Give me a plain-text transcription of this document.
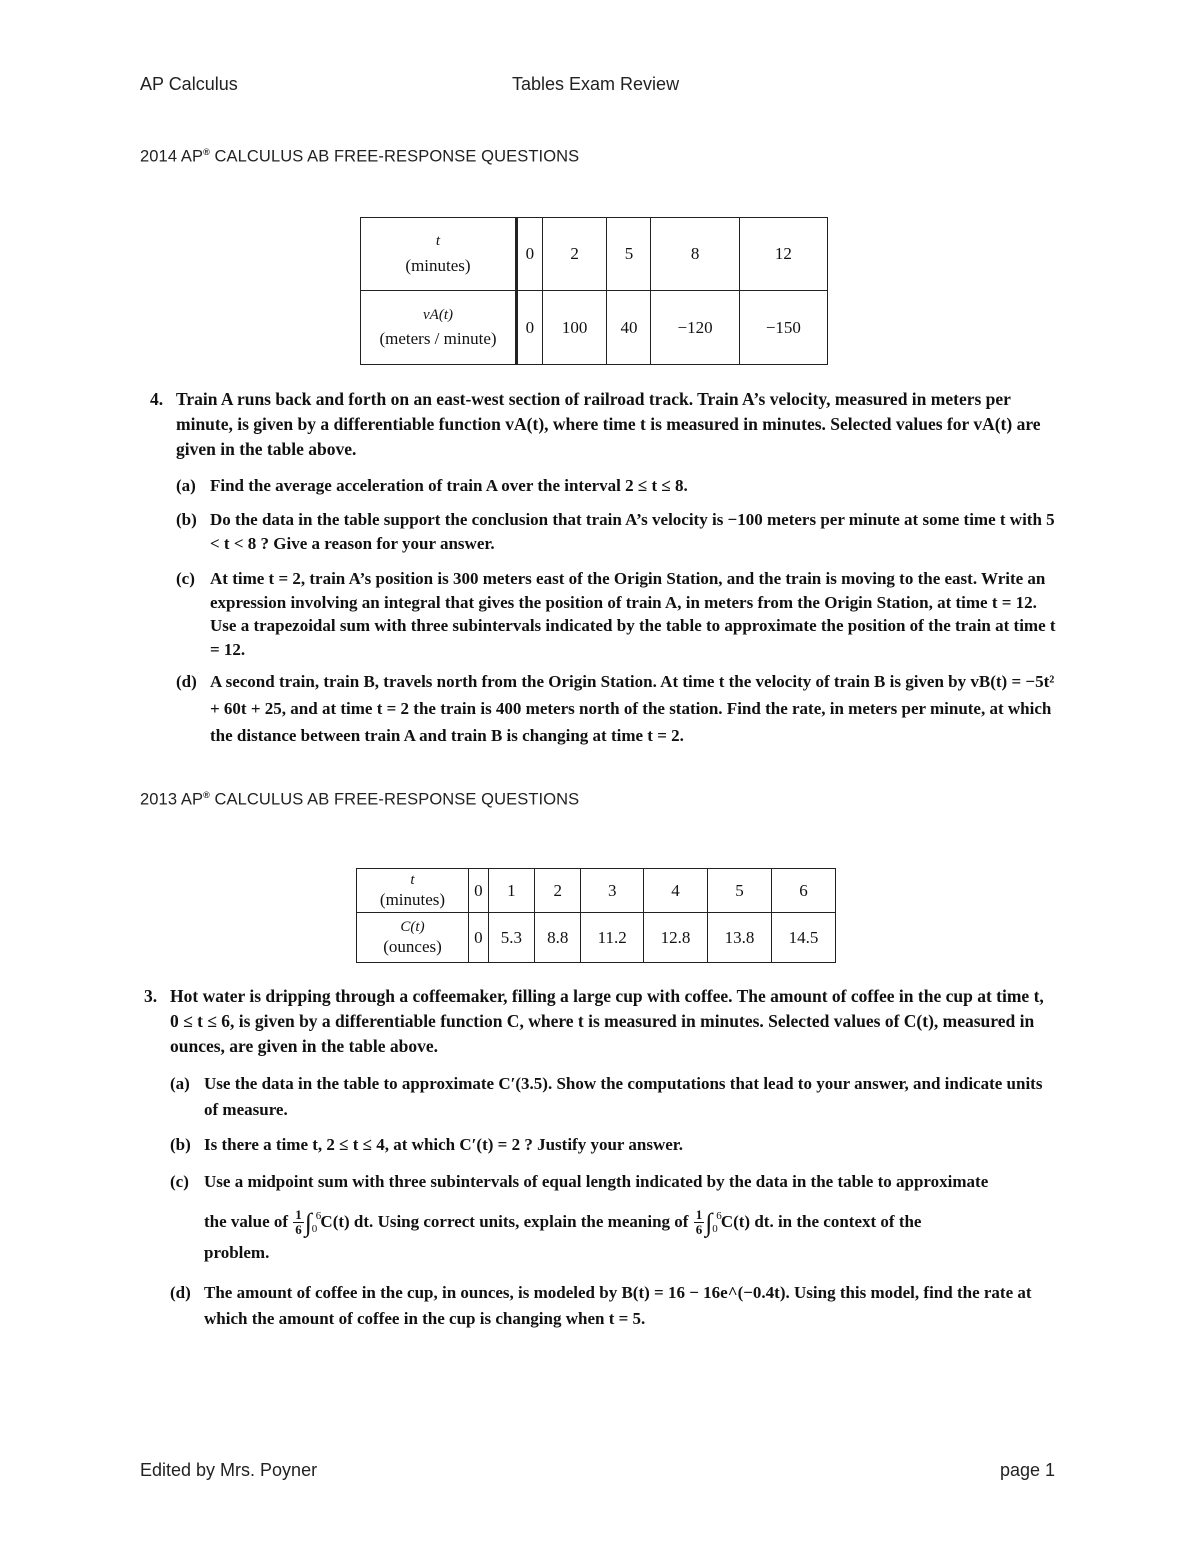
AP Calculus	Tables Exam Review
2014 AP® CALCULUS AB FREE-RESPONSE QUESTIONS
t
(minutes)	0	2	5	8	12

vA(t)
(meters / minute)	0	100	40	−120	−150
4. Train A runs back and forth on an east-west section of railroad track. Train A’s velocity, measured in meters per minute, is given by a differentiable function vA(t), where time t is measured in minutes. Selected values for vA(t) are given in the table above.
(a) Find the average acceleration of train A over the interval 2 ≤ t ≤ 8.
(b) Do the data in the table support the conclusion that train A’s velocity is −100 meters per minute at some time t with 5 < t < 8 ? Give a reason for your answer.
(c) At time t = 2, train A’s position is 300 meters east of the Origin Station, and the train is moving to the east. Write an expression involving an integral that gives the position of train A, in meters from the Origin Station, at time t = 12. Use a trapezoidal sum with three subintervals indicated by the table to approximate the position of the train at time t = 12.
(d) A second train, train B, travels north from the Origin Station. At time t the velocity of train B is given by vB(t) = −5t² + 60t + 25, and at time t = 2 the train is 400 meters north of the station. Find the rate, in meters per minute, at which the distance between train A and train B is changing at time t = 2.
2013 AP® CALCULUS AB FREE-RESPONSE QUESTIONS
t
(minutes)	0	1	2	3	4	5	6

C(t)
(ounces)	0	5.3	8.8	11.2	12.8	13.8	14.5
3. Hot water is dripping through a coffeemaker, filling a large cup with coffee. The amount of coffee in the cup at time t, 0 ≤ t ≤ 6, is given by a differentiable function C, where t is measured in minutes. Selected values of C(t), measured in ounces, are given in the table above.
(a) Use the data in the table to approximate C′(3.5). Show the computations that lead to your answer, and indicate units of measure.
(b) Is there a time t, 2 ≤ t ≤ 4, at which C′(t) = 2 ? Justify your answer.
(c) Use a midpoint sum with three subintervals of equal length indicated by the data in the table to approximate
the value of $\frac{1}{6}$ ∫ 6
0 C(t) dt. Using correct units, explain the meaning of $\frac{1}{6}$ ∫ 6
0 C(t) dt. in the context of the
problem.
(d) The amount of coffee in the cup, in ounces, is modeled by B(t) = 16 − 16e^(−0.4t). Using this model, find the rate at which the amount of coffee in the cup is changing when t = 5.
Edited by Mrs. Poyner	page 1
